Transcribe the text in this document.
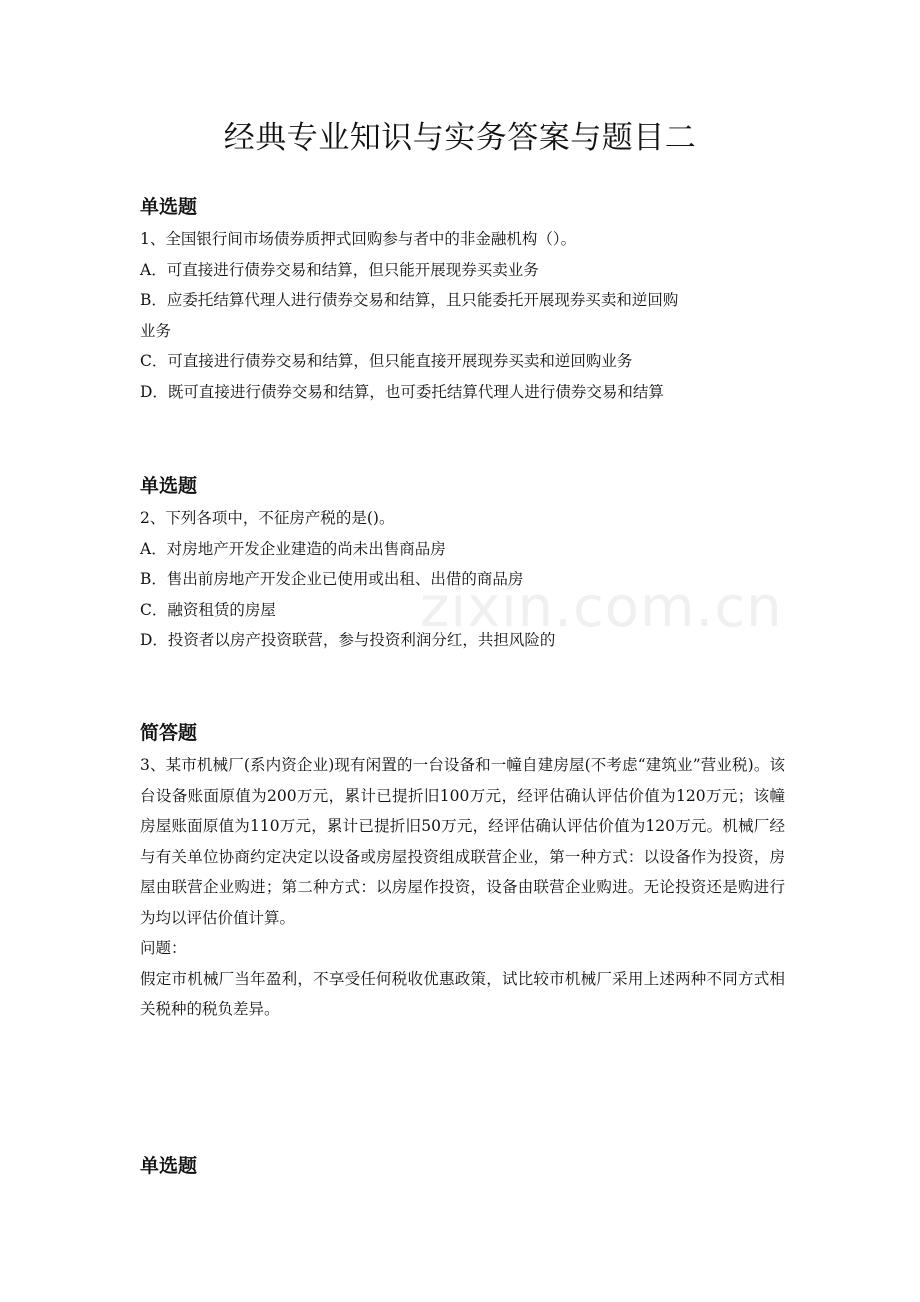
经典专业知识与实务答案与题目二
单选题

1、全国银行间市场债券质押式回购参与者中的非金融机构（）。

A．可直接进行债券交易和结算，但只能开展现券买卖业务

B．应委托结算代理人进行债券交易和结算，且只能委托开展现券买卖和逆回购

业务

C．可直接进行债券交易和结算，但只能直接开展现券买卖和逆回购业务

D．既可直接进行债券交易和结算，也可委托结算代理人进行债券交易和结算

单选题

2、下列各项中，不征房产税的是()。

A．对房地产开发企业建造的尚未出售商品房

B．售出前房地产开发企业已使用或出租、出借的商品房

C．融资租赁的房屋

D．投资者以房产投资联营，参与投资利润分红，共担风险的

简答题

3、某市机械厂(系内资企业)现有闲置的一台设备和一幢自建房屋(不考虑“建筑业”营业税)。该台设备账面原值为200万元，累计已提折旧100万元，经评估确认评估价值为120万元；该幢房屋账面原值为110万元，累计已提折旧50万元，经评估确认评估价值为120万元。机械厂经与有关单位协商约定决定以设备或房屋投资组成联营企业，第一种方式：以设备作为投资，房屋由联营企业购进；第二种方式：以房屋作投资，设备由联营企业购进。无论投资还是购进行为均以评估价值计算。

问题：

假定市机械厂当年盈利，不享受任何税收优惠政策，试比较市机械厂采用上述两种不同方式相关税种的税负差异。

单选题
zixin.com.cn
